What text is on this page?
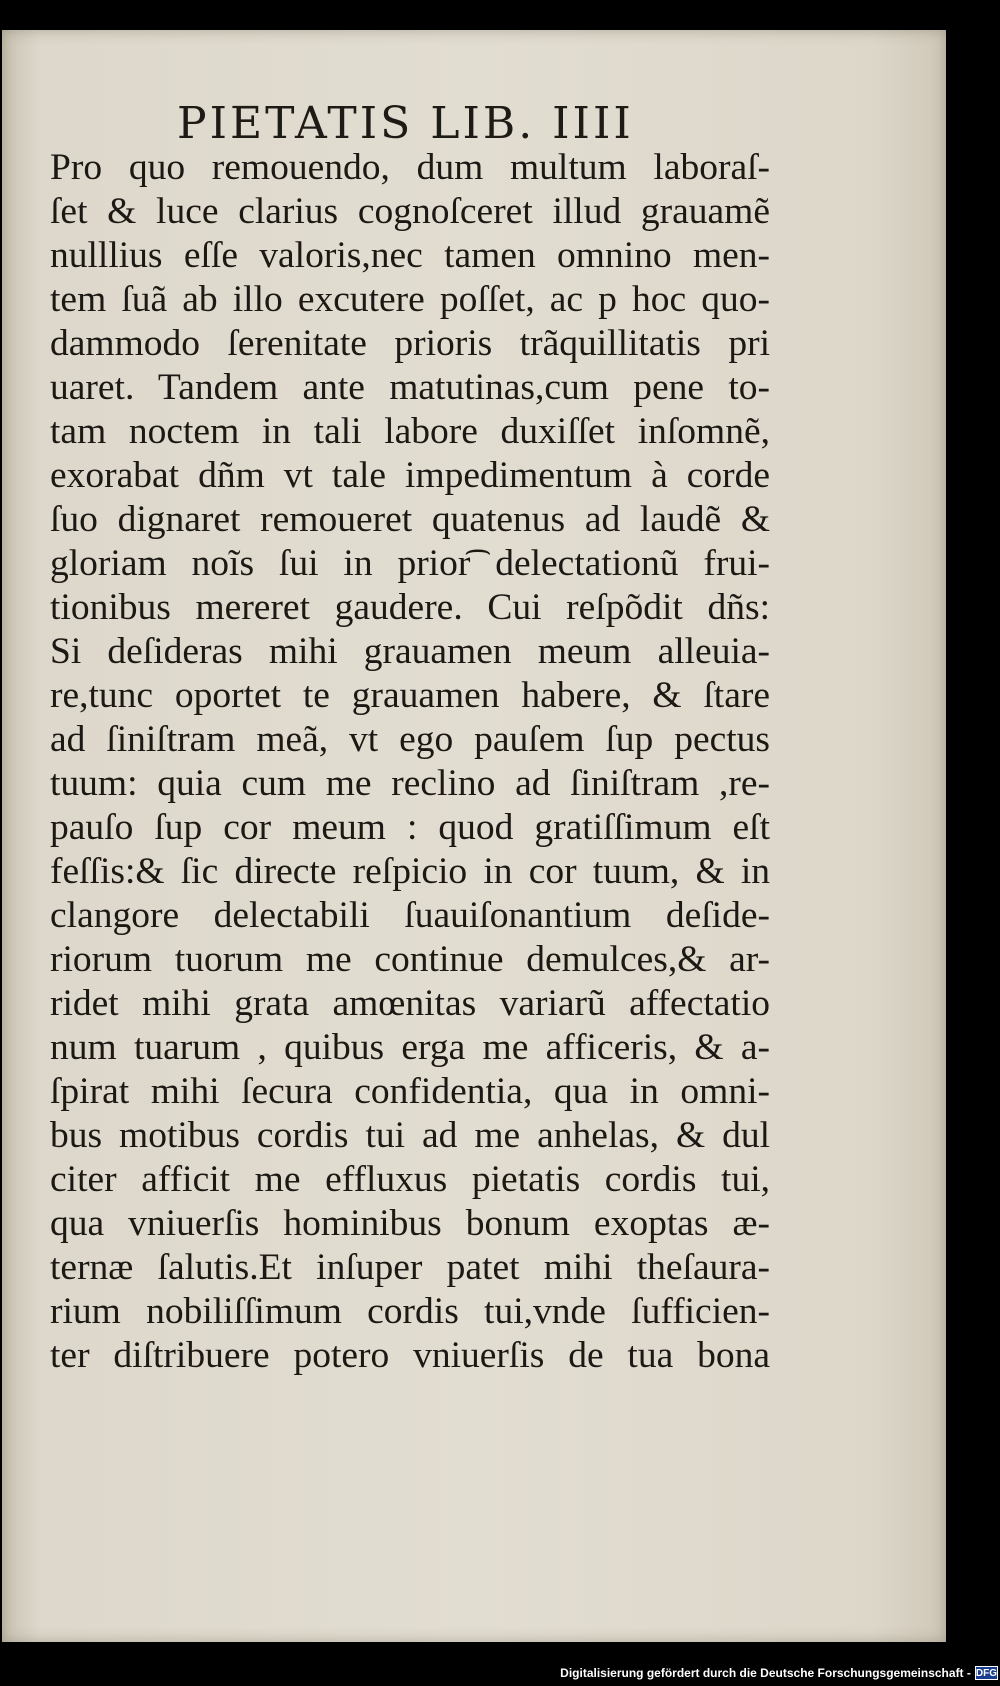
PIETATIS LIB. IIII
Pro quo remouendo, dum multum laboraſ-
ſet & luce clarius cognoſceret illud grauamẽ
nulllius eſſe valoris,nec tamen omnino men-
tem ſuã ab illo excutere poſſet, ac p hoc quo-
dammodo ſerenitate prioris trãquillitatis pri
uaret. Tandem ante matutinas,cum pene to-
tam noctem in tali labore duxiſſet inſomnẽ,
exorabat dñm vt tale impedimentum à corde
ſuo dignaret remoueret quatenus ad laudẽ &
gloriam noĩs ſui in prior͡ delectationũ frui-
tionibus mereret gaudere. Cui reſpõdit dñs:
Si deſideras mihi grauamen meum alleuia-
re,tunc oportet te grauamen habere, & ſtare
ad ſiniſtram meã, vt ego pauſem ſup pectus
tuum: quia cum me reclino ad ſiniſtram ,re-
pauſo ſup cor meum : quod gratiſſimum eſt
feſſis:& ſic directe reſpicio in cor tuum, & in
clangore delectabili ſuauiſonantium deſide-
riorum tuorum me continue demulces,& ar-
ridet mihi grata amœnitas variarũ affectatio
num tuarum , quibus erga me afficeris, & a-
ſpirat mihi ſecura confidentia, qua in omni-
bus motibus cordis tui ad me anhelas, & dul
citer afficit me effluxus pietatis cordis tui,
qua vniuerſis hominibus bonum exoptas æ-
ternæ ſalutis.Et inſuper patet mihi theſaura-
rium nobiliſſimum cordis tui,vnde ſufficien-
ter diſtribuere potero vniuerſis de tua bona
Digitalisierung gefördert durch die Deutsche Forschungsgemeinschaft - DFG
